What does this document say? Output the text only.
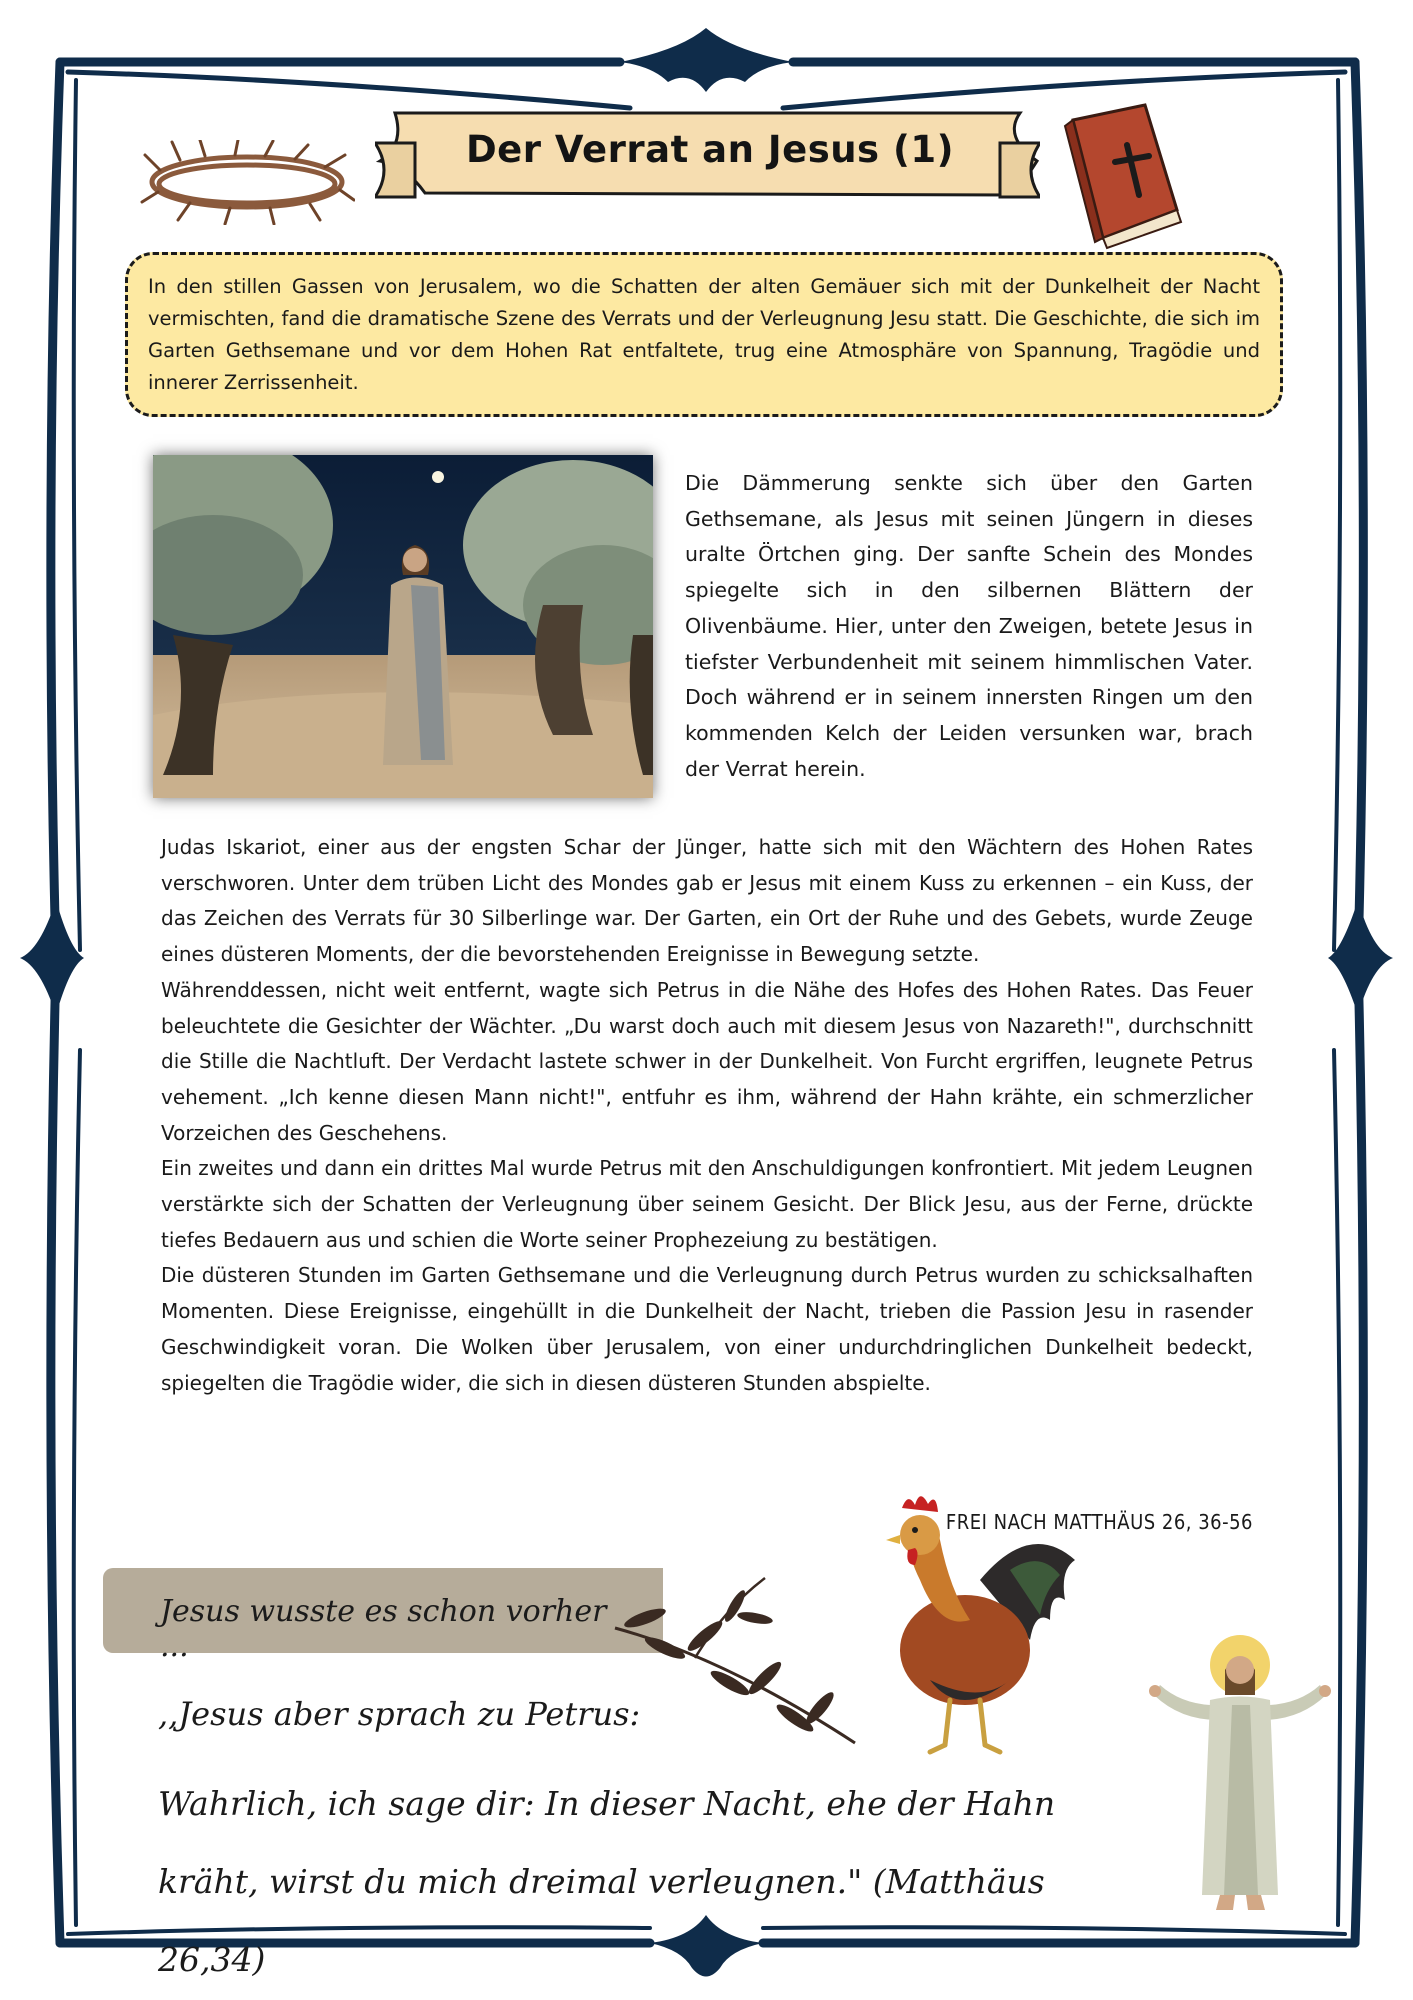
Der Verrat an Jesus (1)
In den stillen Gassen von Jerusalem, wo die Schatten der alten Gemäuer sich mit der Dunkelheit der Nacht vermischten, fand die dramatische Szene des Verrats und der Verleugnung Jesu statt. Die Geschichte, die sich im Garten Gethsemane und vor dem Hohen Rat entfaltete, trug eine Atmosphäre von Spannung, Tragödie und innerer Zerrissenheit.
Die Dämmerung senkte sich über den Garten Gethsemane, als Jesus mit seinen Jüngern in dieses uralte Örtchen ging. Der sanfte Schein des Mondes spiegelte sich in den silbernen Blättern der Olivenbäume. Hier, unter den Zweigen, betete Jesus in tiefster Verbundenheit mit seinem himmlischen Vater. Doch während er in seinem innersten Ringen um den kommenden Kelch der Leiden versunken war, brach der Verrat herein.

Judas Iskariot, einer aus der engsten Schar der Jünger, hatte sich mit den Wächtern des Hohen Rates verschworen. Unter dem trüben Licht des Mondes gab er Jesus mit einem Kuss zu erkennen – ein Kuss, der das Zeichen des Verrats für 30 Silberlinge war. Der Garten, ein Ort der Ruhe und des Gebets, wurde Zeuge eines düsteren Moments, der die bevorstehenden Ereignisse in Bewegung setzte.

Währenddessen, nicht weit entfernt, wagte sich Petrus in die Nähe des Hofes des Hohen Rates. Das Feuer beleuchtete die Gesichter der Wächter. „Du warst doch auch mit diesem Jesus von Nazareth!", durchschnitt die Stille die Nachtluft. Der Verdacht lastete schwer in der Dunkelheit. Von Furcht ergriffen, leugnete Petrus vehement. „Ich kenne diesen Mann nicht!", entfuhr es ihm, während der Hahn krähte, ein schmerzlicher Vorzeichen des Geschehens.

Ein zweites und dann ein drittes Mal wurde Petrus mit den Anschuldigungen konfrontiert. Mit jedem Leugnen verstärkte sich der Schatten der Verleugnung über seinem Gesicht. Der Blick Jesu, aus der Ferne, drückte tiefes Bedauern aus und schien die Worte seiner Prophezeiung zu bestätigen.

Die düsteren Stunden im Garten Gethsemane und die Verleugnung durch Petrus wurden zu schicksalhaften Momenten. Diese Ereignisse, eingehüllt in die Dunkelheit der Nacht, trieben die Passion Jesu in rasender Geschwindigkeit voran. Die Wolken über Jerusalem, von einer undurchdringlichen Dunkelheit bedeckt, spiegelten die Tragödie wider, die sich in diesen düsteren Stunden abspielte.

FREI NACH MATTHÄUS 26, 36-56
Jesus wusste es schon vorher ...
,,Jesus aber sprach zu Petrus:
Wahrlich, ich sage dir: In dieser Nacht, ehe der Hahn kräht, wirst du mich dreimal verleugnen." (Matthäus 26,34)
